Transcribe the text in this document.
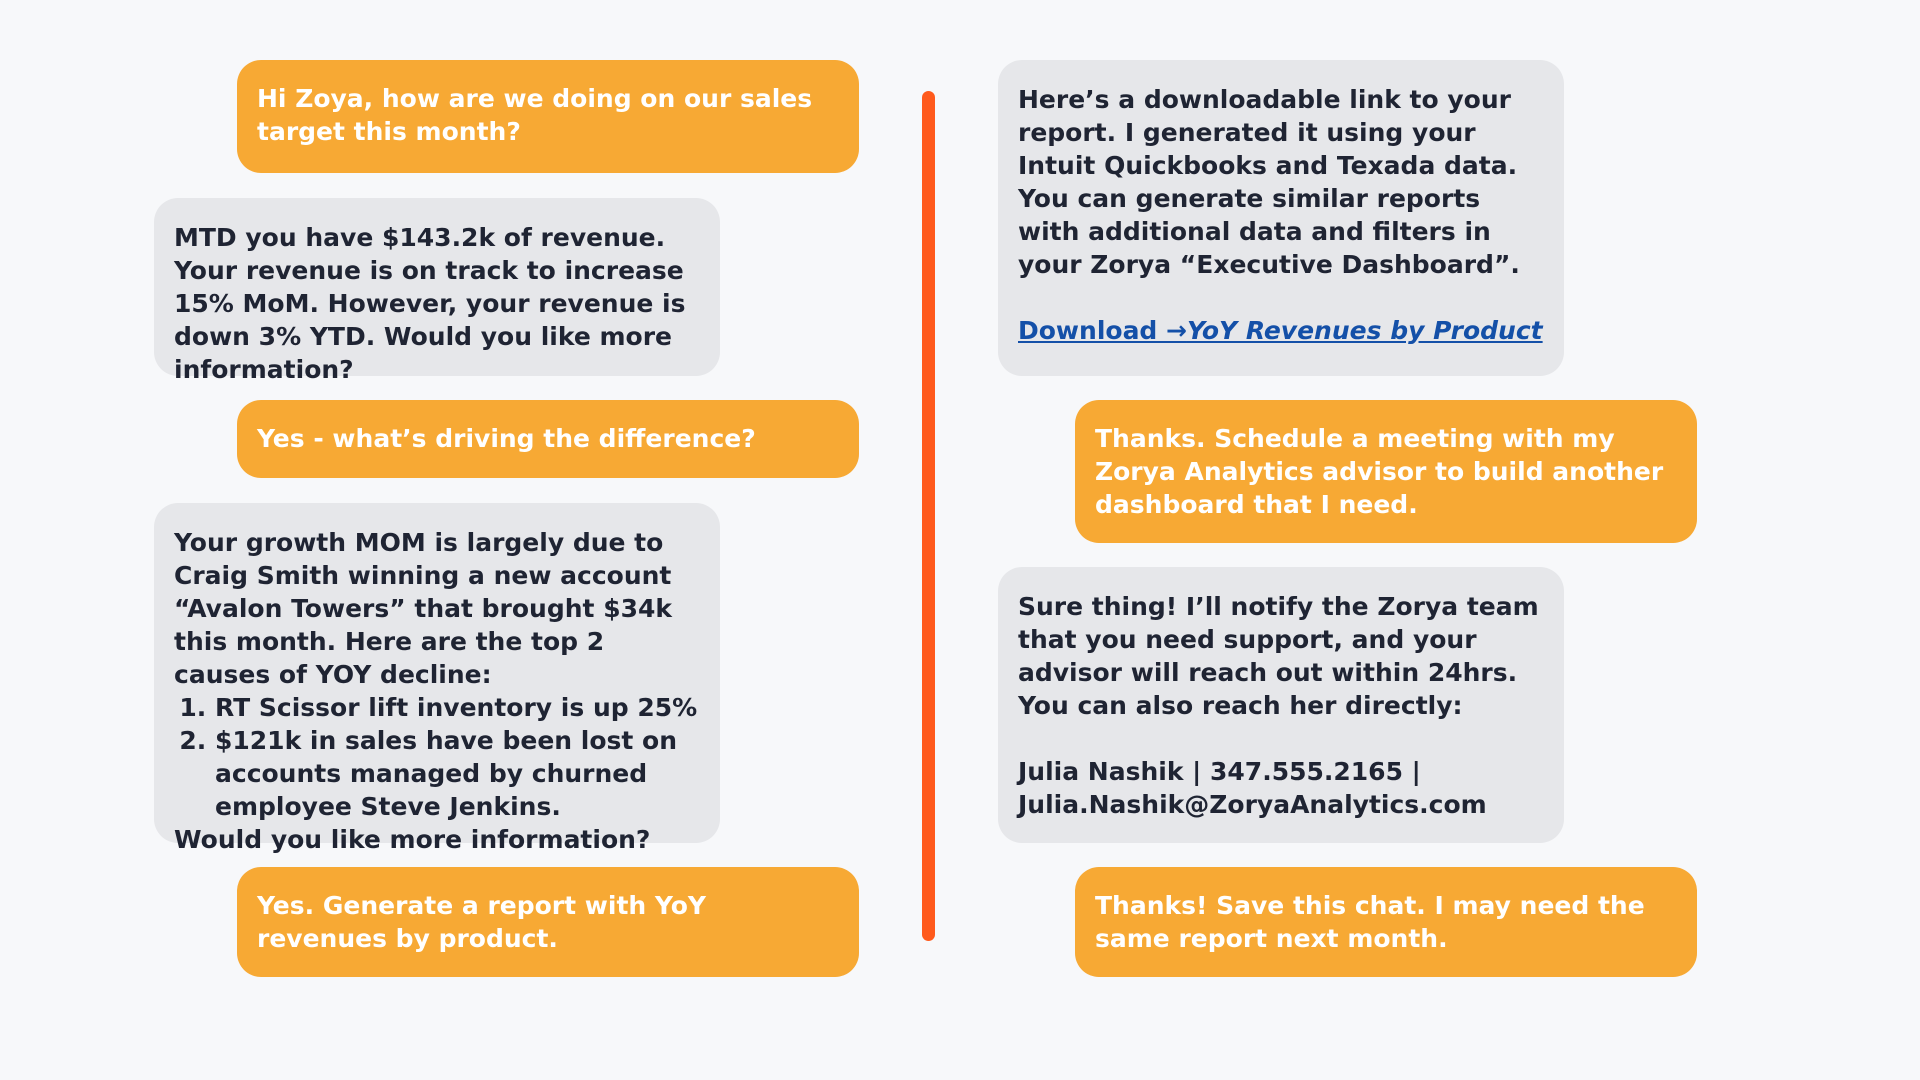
Hi Zoya, how are we doing on our sales target this month?
MTD you have $143.2k of revenue. Your revenue is on track to increase 15% MoM. However, your revenue is down 3% YTD. Would you like more information?
Yes - what’s driving the difference?
Your growth MOM is largely due to Craig Smith winning a new account “Avalon Towers” that brought $34k this month. Here are the top 2 causes of YOY decline:
1. RT Scissor lift inventory is up 25%
2. $121k in sales have been lost on accounts managed by churned employee Steve Jenkins.
Would you like more information?
Yes. Generate a report with YoY revenues by product.
Here’s a downloadable link to your report. I generated it using your Intuit Quickbooks and Texada data. You can generate similar reports with additional data and filters in your Zorya “Executive Dashboard”.
Download →YoY Revenues by Product
Thanks. Schedule a meeting with my Zorya Analytics advisor to build another dashboard that I need.
Sure thing! I’ll notify the Zorya team that you need support, and your advisor will reach out within 24hrs. You can also reach her directly:
Julia Nashik | 347.555.2165 |
Julia.Nashik@ZoryaAnalytics.com
Thanks! Save this chat. I may need the same report next month.
